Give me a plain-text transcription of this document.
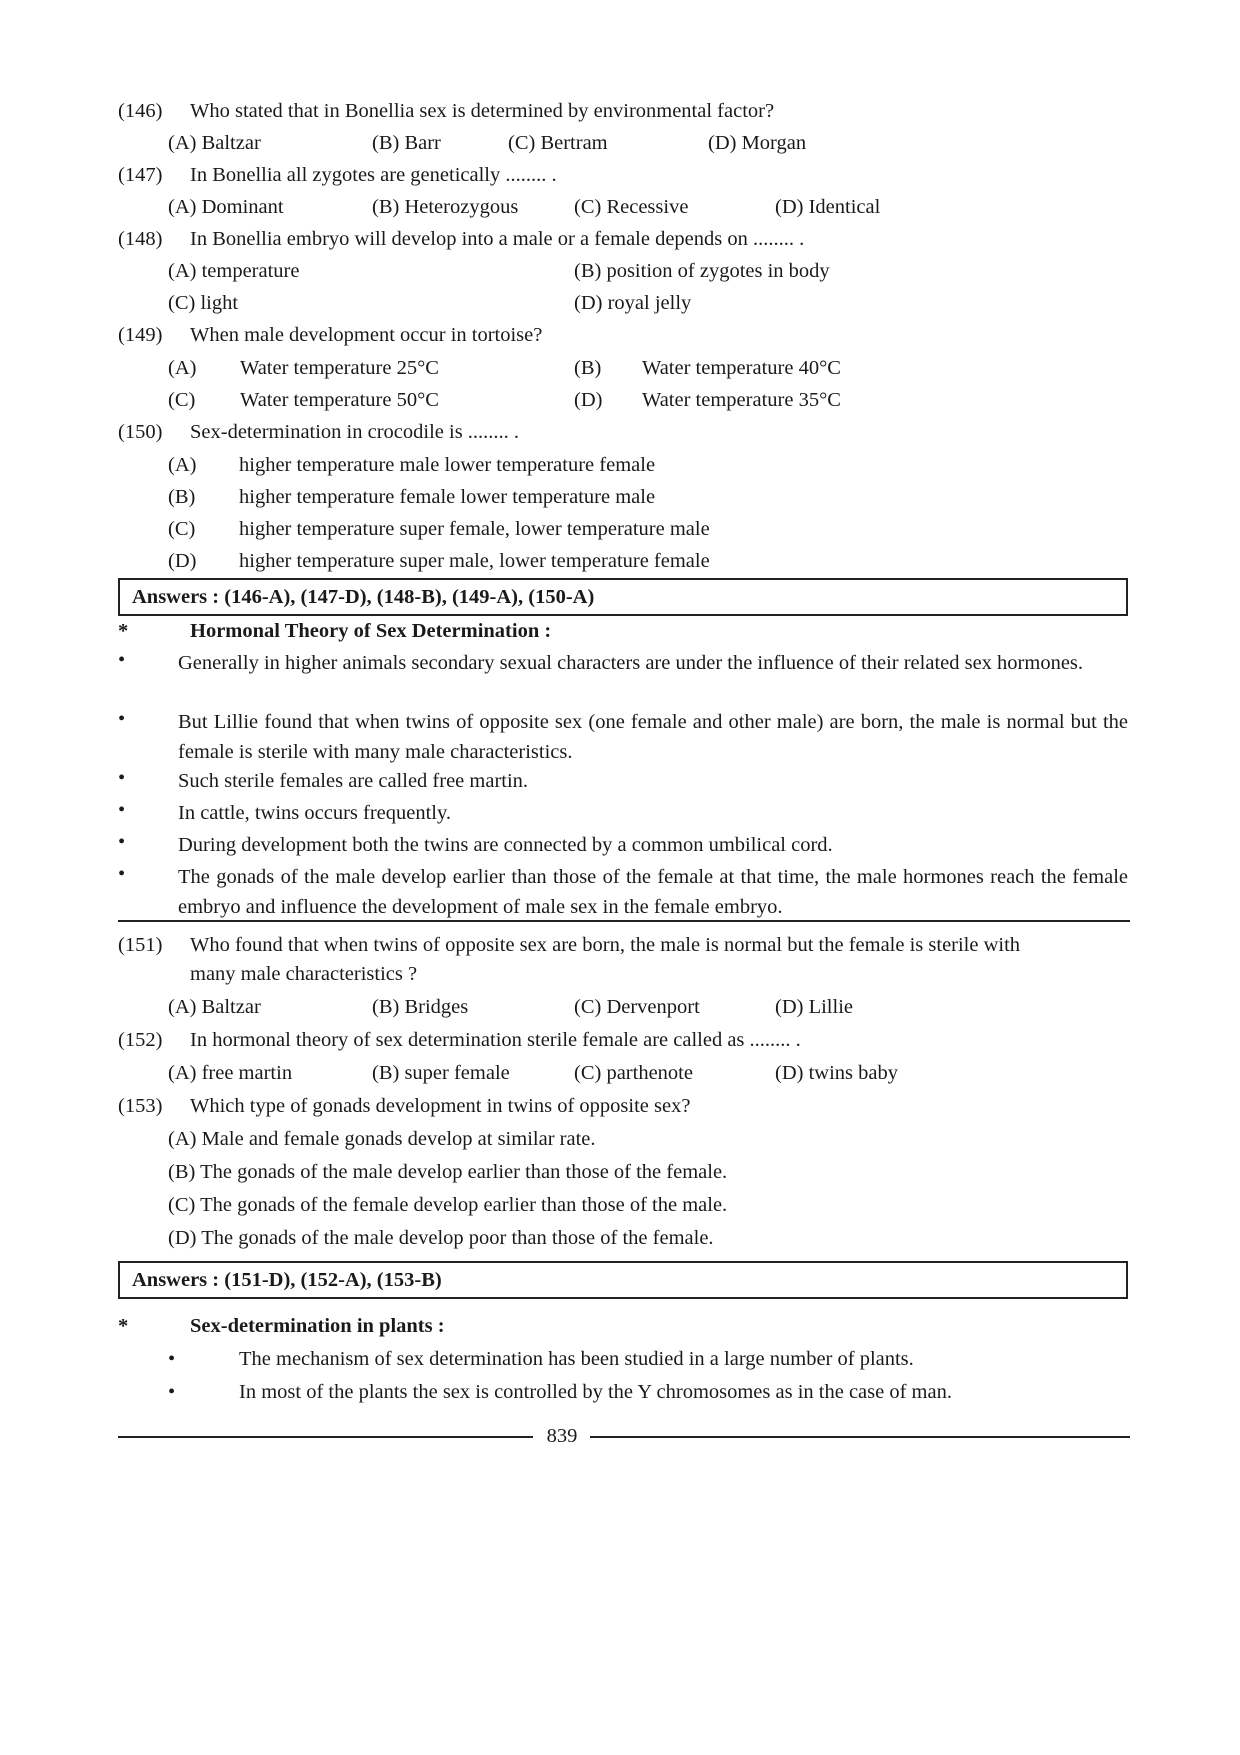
(146) Who stated that in Bonellia sex is determined by environmental factor?
(A) Baltzar	(B) Barr	(C) Bertram	(D) Morgan
(147) In Bonellia all zygotes are genetically ........ .
(A) Dominant	(B) Heterozygous	(C) Recessive	(D) Identical
(148) In Bonellia embryo will develop into a male or a female depends on ........ .
(A) temperature	(B) position of zygotes in body
(C) light	(D) royal jelly
(149) When male development occur in tortoise?
(A) Water temperature 25°C	(B) Water temperature 40°C
(C) Water temperature 50°C	(D) Water temperature 35°C
(150) Sex-determination in crocodile is ........ .
(A) higher temperature male lower temperature female
(B) higher temperature female lower temperature male
(C) higher temperature super female, lower temperature male
(D) higher temperature super male, lower temperature female
Answers : (146-A), (147-D), (148-B), (149-A), (150-A)
*	Hormonal Theory of Sex Determination :
•	Generally in higher animals secondary sexual characters are under the influence of their related sex hormones.
•	But Lillie found that when twins of opposite sex (one female and other male) are born, the male is normal but the female is sterile with many male characteristics.
•	Such sterile females are called free martin.
•	In cattle, twins occurs frequently.
•	During development both the twins are connected by a common umbilical cord.
•	The gonads of the male develop earlier than those of the female at that time, the male hormones reach the female embryo and influence the development of male sex in the female embryo.
(151) Who found that when twins of opposite sex are born, the male is normal but the female is sterile with
many male characteristics ?
(A) Baltzar	(B) Bridges	(C) Dervenport	(D) Lillie
(152) In hormonal theory of sex determination sterile female are called as ........ .
(A) free martin	(B) super female	(C) parthenote	(D) twins baby
(153) Which type of gonads development in twins of opposite sex?
(A) Male and female gonads develop at similar rate.
(B) The gonads of the male develop earlier than those of the female.
(C) The gonads of the female develop earlier than those of the male.
(D) The gonads of the male develop poor than those of the female.
Answers : (151-D), (152-A), (153-B)
*	Sex-determination in plants :
•	The mechanism of sex determination has been studied in a large number of plants.
•	In most of the plants the sex is controlled by the Y chromosomes as in the case of man.
839
